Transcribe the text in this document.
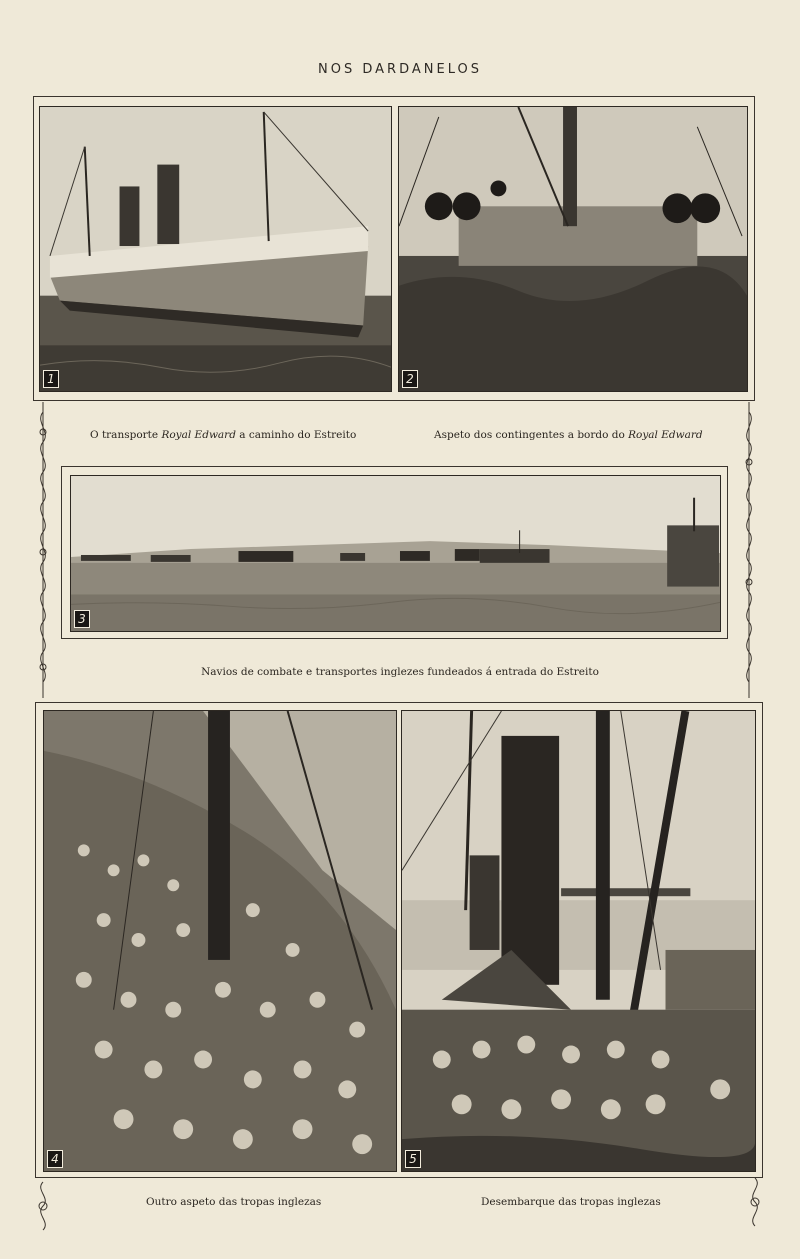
NOS DARDANELOS
1	2
O transporte Royal Edward a caminho do Estreito	Aspeto dos contingentes a bordo do Royal Edward
3
Navios de combate e transportes inglezes fundeados á entrada do Estreito
4	5
Outro aspeto das tropas inglezas	Desembarque das tropas inglezas
